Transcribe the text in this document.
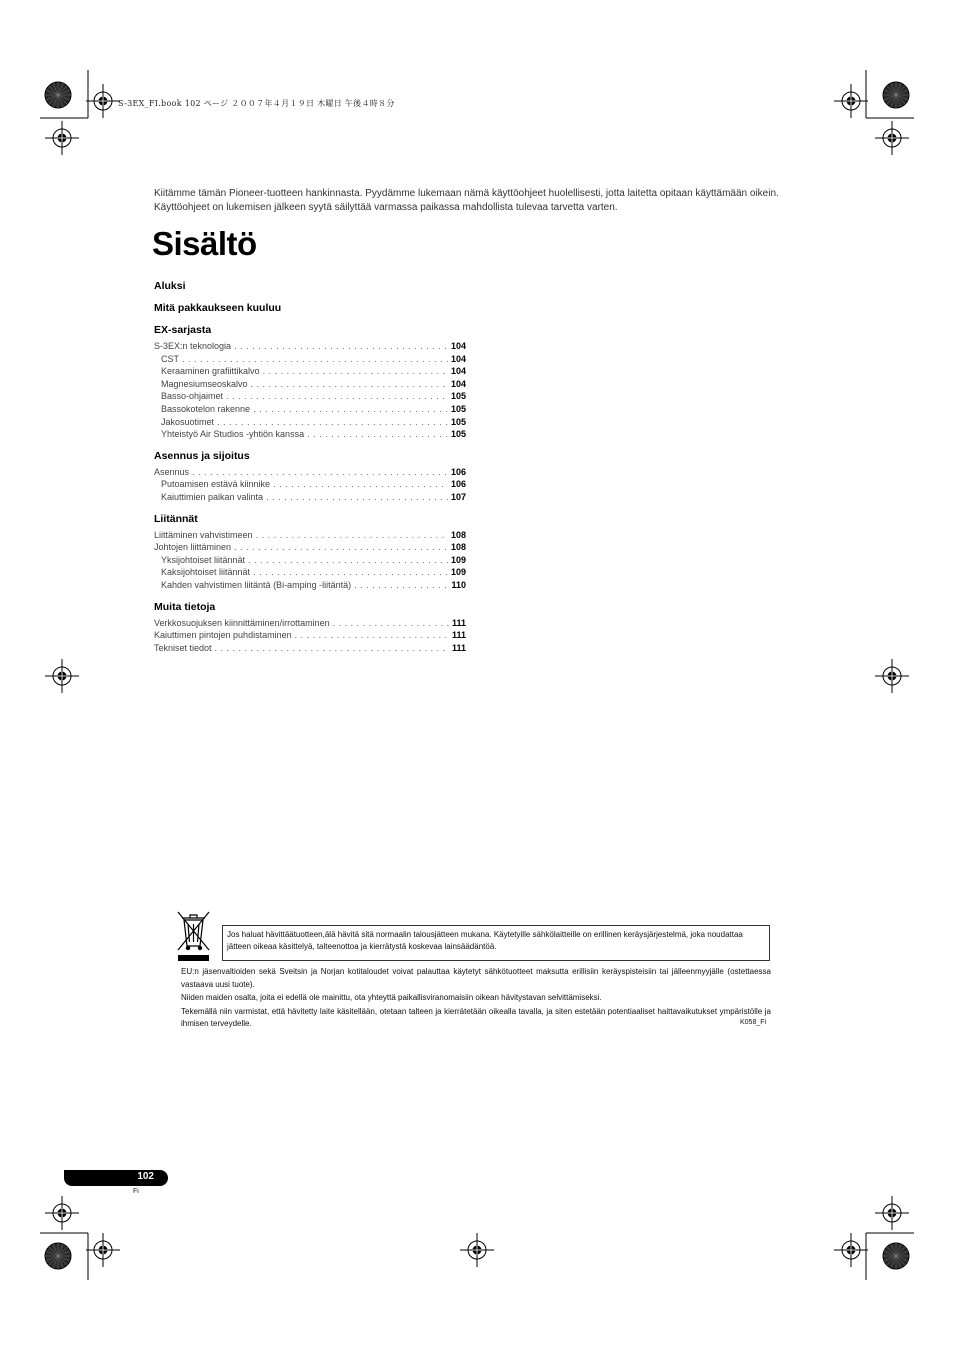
S-3EX_FI.book 102 ページ ２００７年４月１９日 木曜日 午後４時８分
Kiitämme tämän Pioneer-tuotteen hankinnasta. Pyydämme lukemaan nämä käyttöohjeet huolellisesti, jotta laitetta opitaan käyttämään oikein. Käyttöohjeet on lukemisen jälkeen syytä säilyttää varmassa paikassa mahdollista tulevaa tarvetta varten.
Sisältö
Aluksi
Mitä pakkaukseen kuuluu
EX-sarjasta
S-3EX:n teknologia . . .	104
CST . . .	104
Keraaminen grafiittikalvo . . .	104
Magnesiumseoskalvo . . .	104
Basso-ohjaimet . . .	105
Bassokotelon rakenne . . .	105
Jakosuotimet . . .	105
Yhteistyö Air Studios -yhtiön kanssa . . .	105
Asennus ja sijoitus
Asennus . . .	106
Putoamisen estävä kiinnike . . .	106
Kaiuttimien paikan valinta . . .	107
Liitännät
Liittäminen vahvistimeen . . .	108
Johtojen liittäminen . . .	108
Yksijohtoiset liitännät . . .	109
Kaksijohtoiset liitännät . . .	109
Kahden vahvistimen liitäntä (Bi-amping -liitäntä) . . .	110
Muita tietoja
Verkkosuojuksen kiinnittäminen/irrottaminen . . .	111
Kaiuttimen pintojen puhdistaminen . . .	111
Tekniset tiedot . . .	111
Jos haluat hävittäätuotteen,älä hävitä sitä normaalin talousjätteen mukana. Käytetyille sähkölaitteille on erillinen keräysjärjestelmä, joka noudattaa jätteen oikeaa käsittelyä, talteenottoa ja kierrätystä koskevaa lainsäädäntöä.

EU:n jäsenvaltioiden sekä Sveitsin ja Norjan kotitaloudet voivat palauttaa käytetyt sähkötuotteet maksutta erillisiin keräyspisteisiin tai jälleenmyyjälle (ostettaessa vastaava uusi tuote).

Niiden maiden osalta, joita ei edellä ole mainittu, ota yhteyttä paikallisviranomaisiin oikean hävitystavan selvittämiseksi.

Tekemällä niin varmistat, että hävitetty laite käsitellään, otetaan talteen ja kierrätetään oikealla tavalla, ja siten estetään potentiaaliset haittavaikutukset ympäristölle ja ihmisen terveydelle.	K058_Fi
102
Fi
